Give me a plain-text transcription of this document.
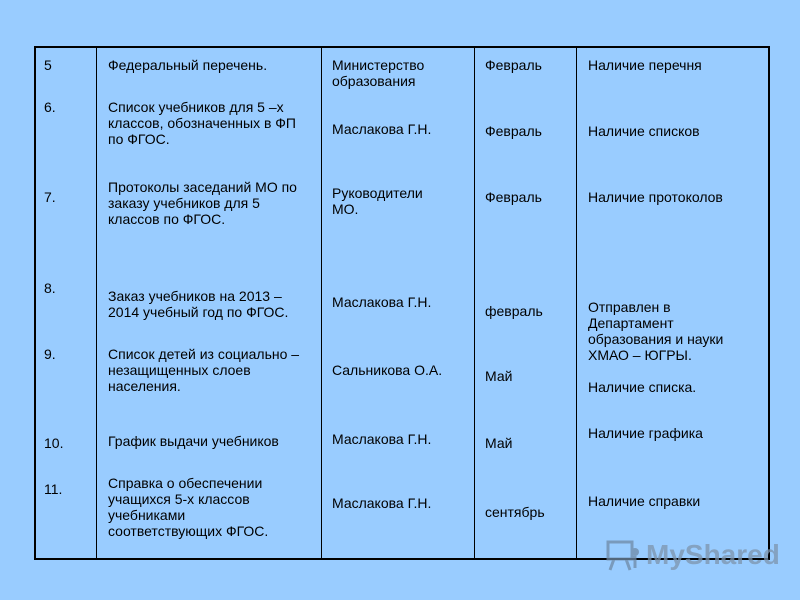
5
6.
7.
8.
9.
10.
11.
Федеральный перечень.
Список учебников для 5 –х
классов, обозначенных в ФП
по ФГОС.
Протоколы заседаний МО по
заказу учебников для 5
классов по ФГОС.
Заказ учебников на 2013 –
2014 учебный год по ФГОС.
Список детей из социально –
незащищенных слоев
населения.
График выдачи учебников
Справка о обеспечении
учащихся 5-х классов
учебниками
соответствующих ФГОС.
Министерство
образования
Маслакова Г.Н.
Руководители
МО.
Маслакова Г.Н.
Сальникова О.А.
Маслакова Г.Н.
Маслакова Г.Н.
Февраль
Февраль
Февраль
февраль
Май
Май
сентябрь
Наличие перечня
Наличие списков
Наличие протоколов
Отправлен в
Департамент
образования и науки
ХМАО – ЮГРЫ.
Наличие списка.
Наличие графика
Наличие справки
MyShared
